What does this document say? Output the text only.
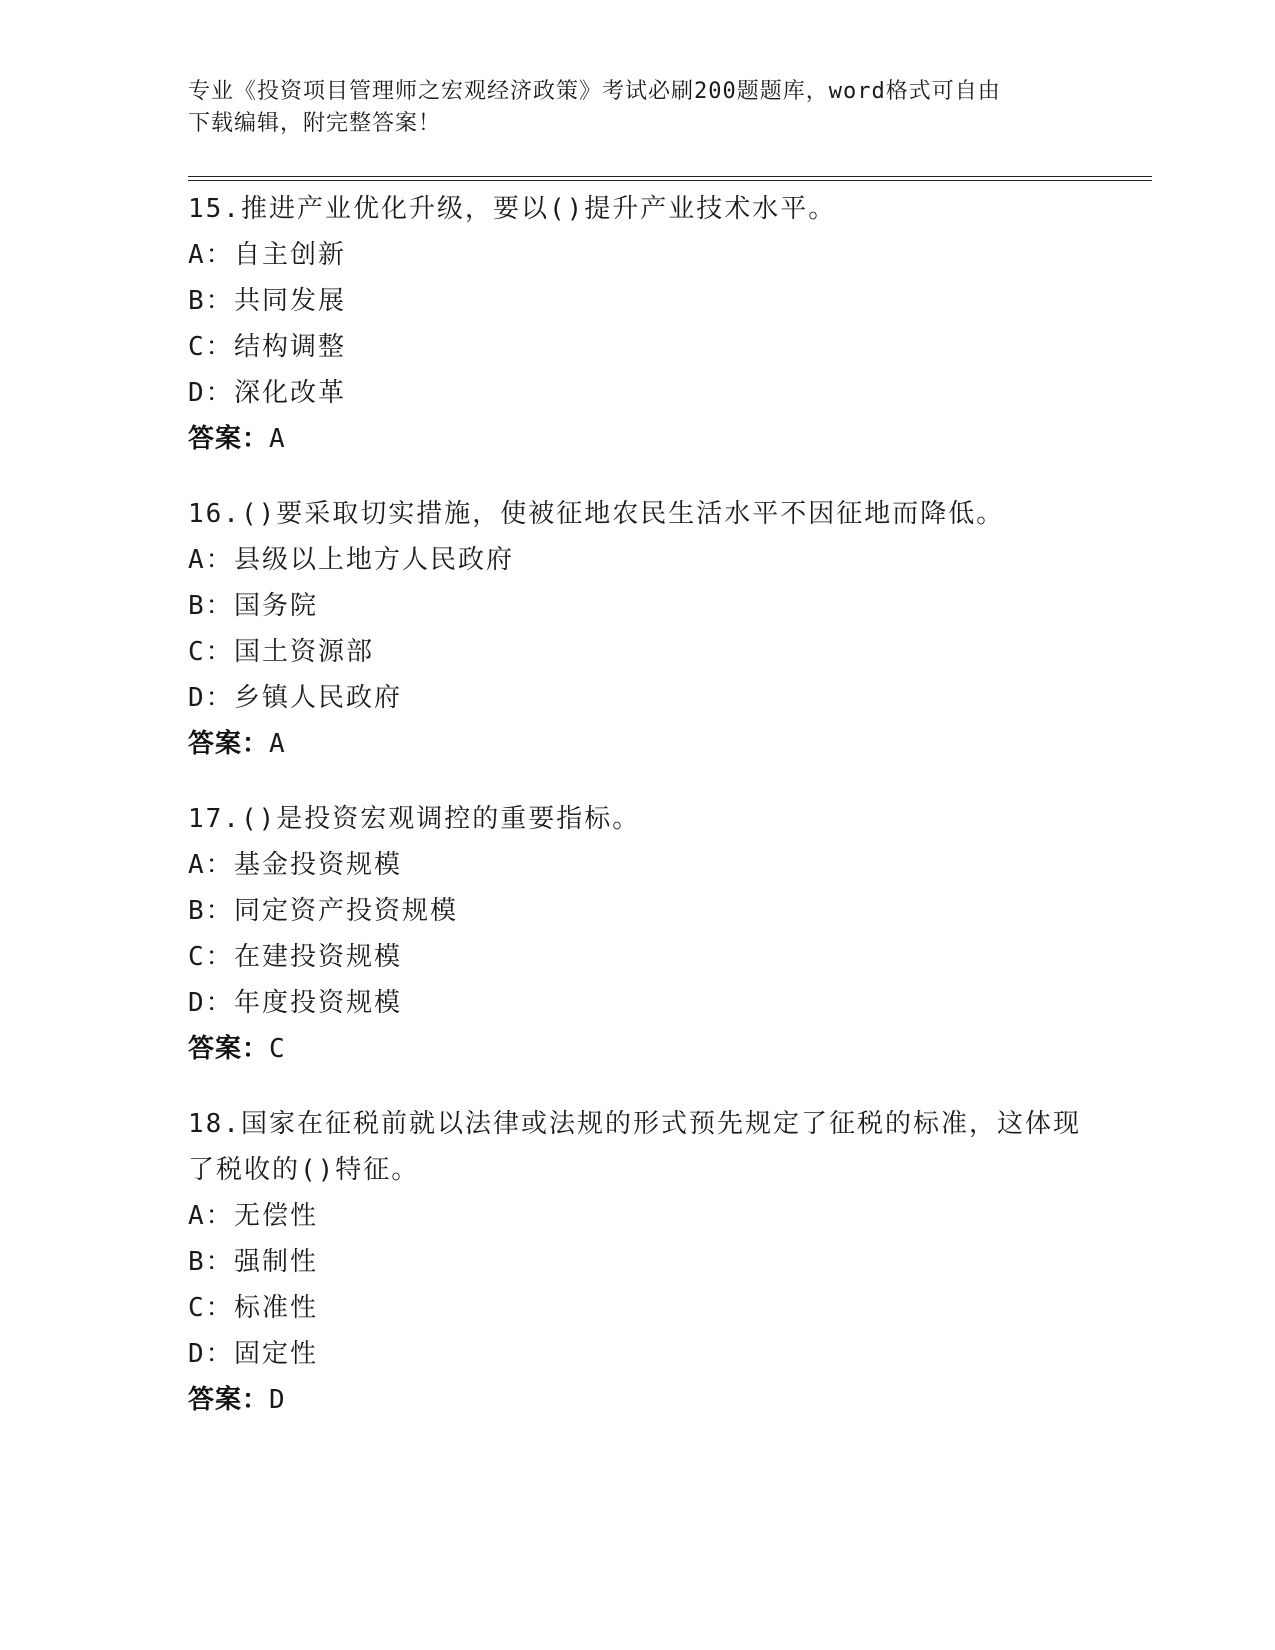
专业《投资项目管理师之宏观经济政策》考试必刷200题题库，word格式可自由
下载编辑，附完整答案！
15.推进产业优化升级，要以()提升产业技术水平。
A：自主创新
B：共同发展
C：结构调整
D：深化改革
答案：A
16.()要采取切实措施，使被征地农民生活水平不因征地而降低。
A：县级以上地方人民政府
B：国务院
C：国土资源部
D：乡镇人民政府
答案：A
17.()是投资宏观调控的重要指标。
A：基金投资规模
B：同定资产投资规模
C：在建投资规模
D：年度投资规模
答案：C
18.国家在征税前就以法律或法规的形式预先规定了征税的标准，这体现了税收的()特征。
A：无偿性
B：强制性
C：标准性
D：固定性
答案：D
